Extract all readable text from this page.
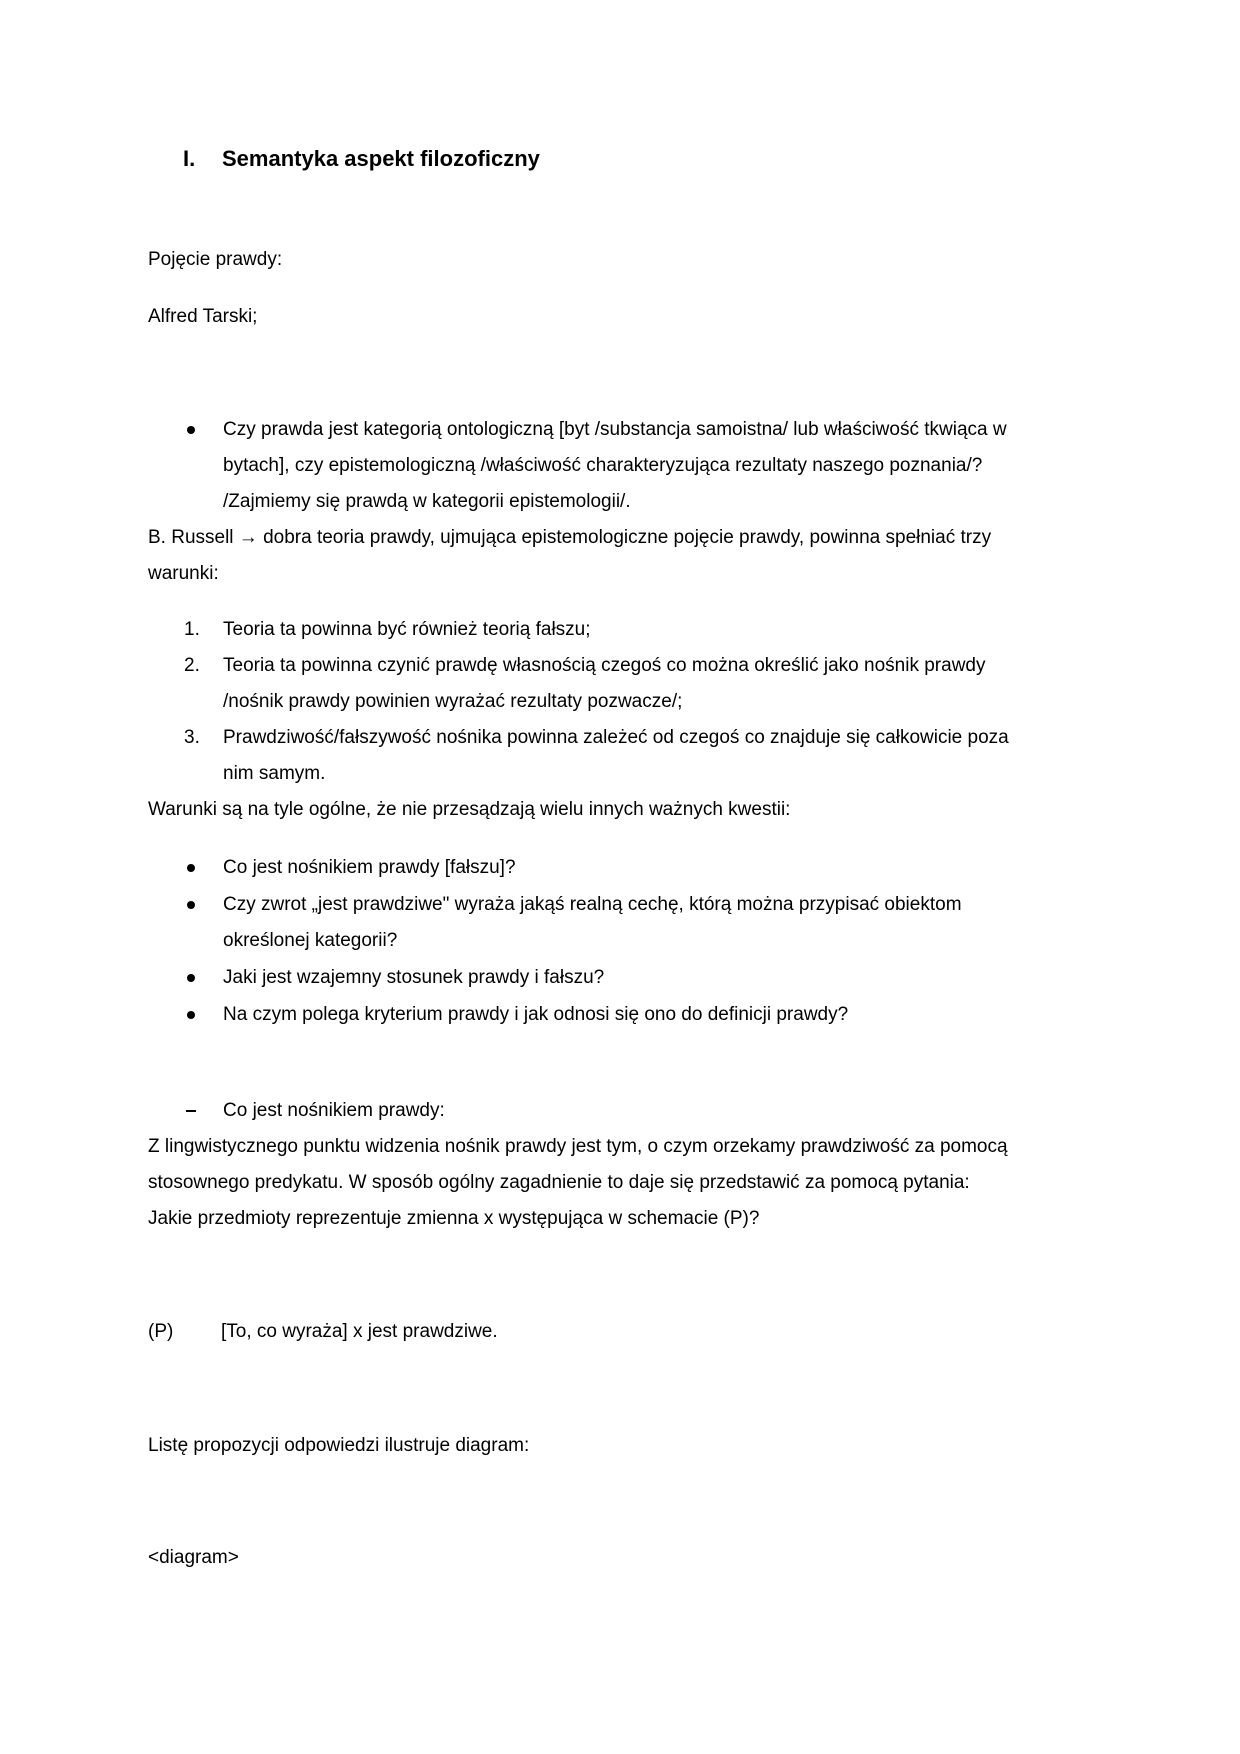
I. Semantyka aspekt filozoficzny
Pojęcie prawdy:
Alfred Tarski;
Czy prawda jest kategorią ontologiczną [byt /substancja samoistna/ lub właściwość tkwiąca w
bytach], czy epistemologiczną /właściwość charakteryzująca rezultaty naszego poznania/?
/Zajmiemy się prawdą w kategorii epistemologii/.
B. Russell → dobra teoria prawdy, ujmująca epistemologiczne pojęcie prawdy, powinna spełniać trzy
warunki:
1. Teoria ta powinna być również teorią fałszu;
2. Teoria ta powinna czynić prawdę własnością czegoś co można określić jako nośnik prawdy
/nośnik prawdy powinien wyrażać rezultaty pozwacze/;
3. Prawdziwość/fałszywość nośnika powinna zależeć od czegoś co znajduje się całkowicie poza
nim samym.
Warunki są na tyle ogólne, że nie przesądzają wielu innych ważnych kwestii:
Co jest nośnikiem prawdy [fałszu]?
Czy zwrot „jest prawdziwe" wyraża jakąś realną cechę, którą można przypisać obiektom
określonej kategorii?
Jaki jest wzajemny stosunek prawdy i fałszu?
Na czym polega kryterium prawdy i jak odnosi się ono do definicji prawdy?
Co jest nośnikiem prawdy:
Z lingwistycznego punktu widzenia nośnik prawdy jest tym, o czym orzekamy prawdziwość za pomocą
stosownego predykatu. W sposób ogólny zagadnienie to daje się przedstawić za pomocą pytania:
Jakie przedmioty reprezentuje zmienna x występująca w schemacie (P)?
(P)	[To, co wyraża] x jest prawdziwe.
Listę propozycji odpowiedzi ilustruje diagram:
<diagram>
